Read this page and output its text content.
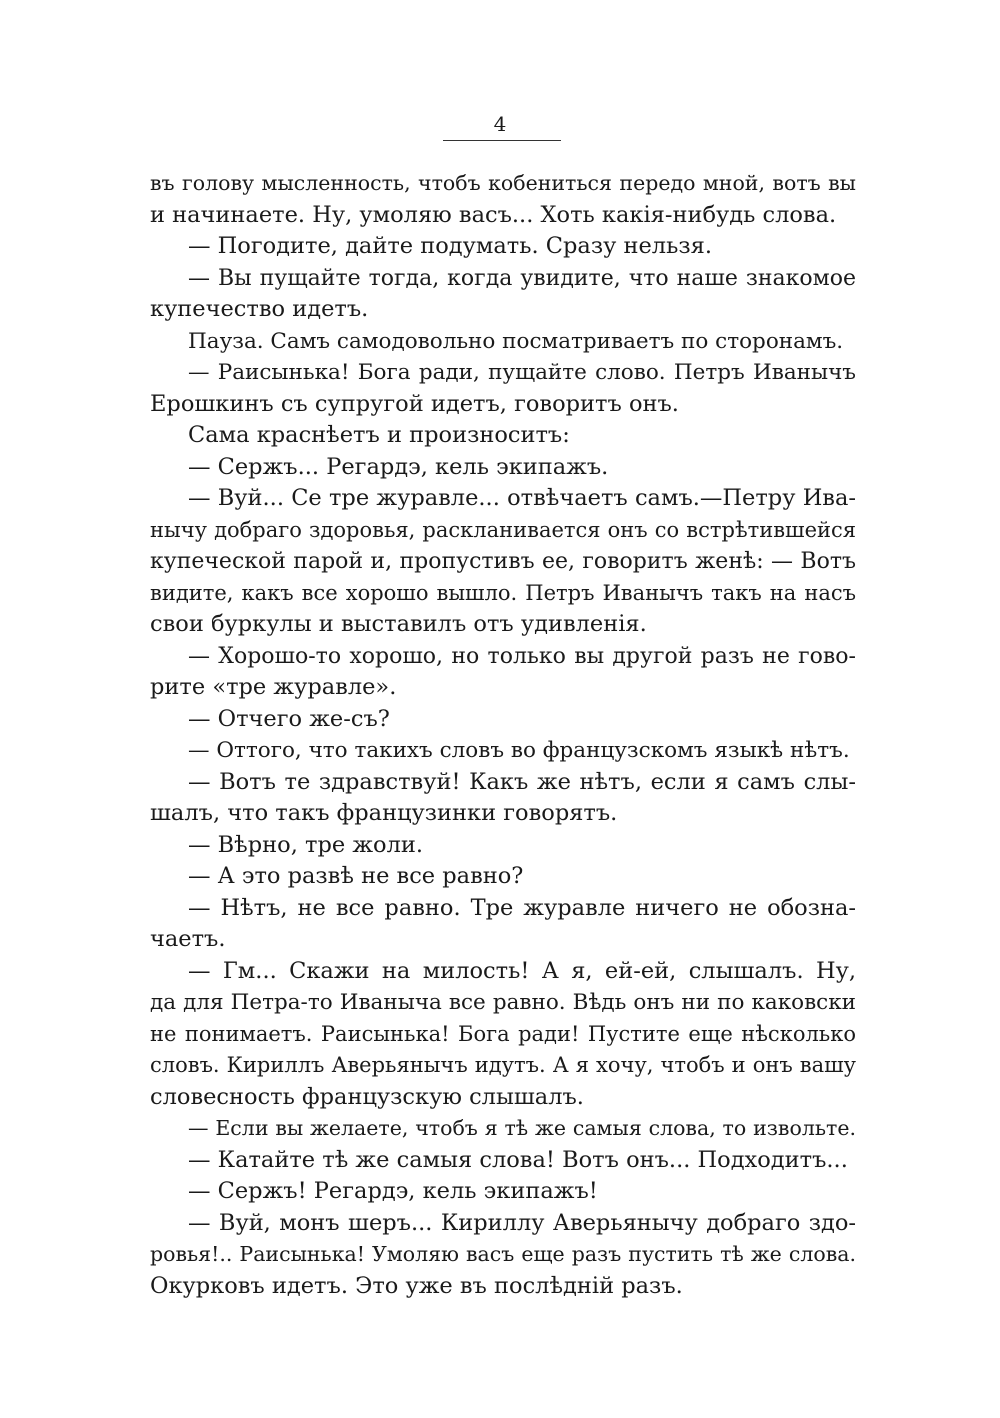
4
въ голову мысленность, чтобъ кобениться передо мной, вотъ вы
и начинаете. Ну, умоляю васъ... Хоть какія-нибудь слова.
— Погодите, дайте подумать. Сразу нельзя.
— Вы пущайте тогда, когда увидите, что наше знакомое
купечество идетъ.
Пауза. Самъ самодовольно посматриваетъ по сторонамъ.
— Раисынька! Бога ради, пущайте слово. Петръ Иванычъ
Ерошкинъ съ супругой идетъ, говоритъ онъ.
Сама краснѣетъ и произноситъ:
— Сержъ... Регардэ, кель экипажъ.
— Вуй... Се тре журавле... отвѣчаетъ самъ.—Петру Ива-
нычу добраго здоровья, раскланивается онъ со встрѣтившейся
купеческой парой и, пропустивъ ее, говоритъ женѣ: — Вотъ
видите, какъ все хорошо вышло. Петръ Иванычъ такъ на насъ
свои буркулы и выставилъ отъ удивленія.
— Хорошо-то хорошо, но только вы другой разъ не гово-
рите «тре журавле».
— Отчего же-съ?
— Оттого, что такихъ словъ во французскомъ языкѣ нѣтъ.
— Вотъ те здравствуй! Какъ же нѣтъ, если я самъ слы-
шалъ, что такъ французинки говорятъ.
— Вѣрно, тре жоли.
— А это развѣ не все равно?
— Нѣтъ, не все равно. Тре журавле ничего не обозна-
чаетъ.
— Гм... Скажи на милость! А я, ей-ей, слышалъ. Ну,
да для Петра-то Иваныча все равно. Вѣдь онъ ни по каковски
не понимаетъ. Раисынька! Бога ради! Пустите еще нѣсколько
словъ. Кириллъ Аверьянычъ идутъ. А я хочу, чтобъ и онъ вашу
словесность французскую слышалъ.
— Если вы желаете, чтобъ я тѣ же самыя слова, то извольте.
— Катайте тѣ же самыя слова! Вотъ онъ... Подходитъ...
— Сержъ! Регардэ, кель экипажъ!
— Вуй, монъ шеръ... Кириллу Аверьянычу добраго здо-
ровья!.. Раисынька! Умоляю васъ еще разъ пустить тѣ же слова.
Окурковъ идетъ. Это уже въ послѣдній разъ.
